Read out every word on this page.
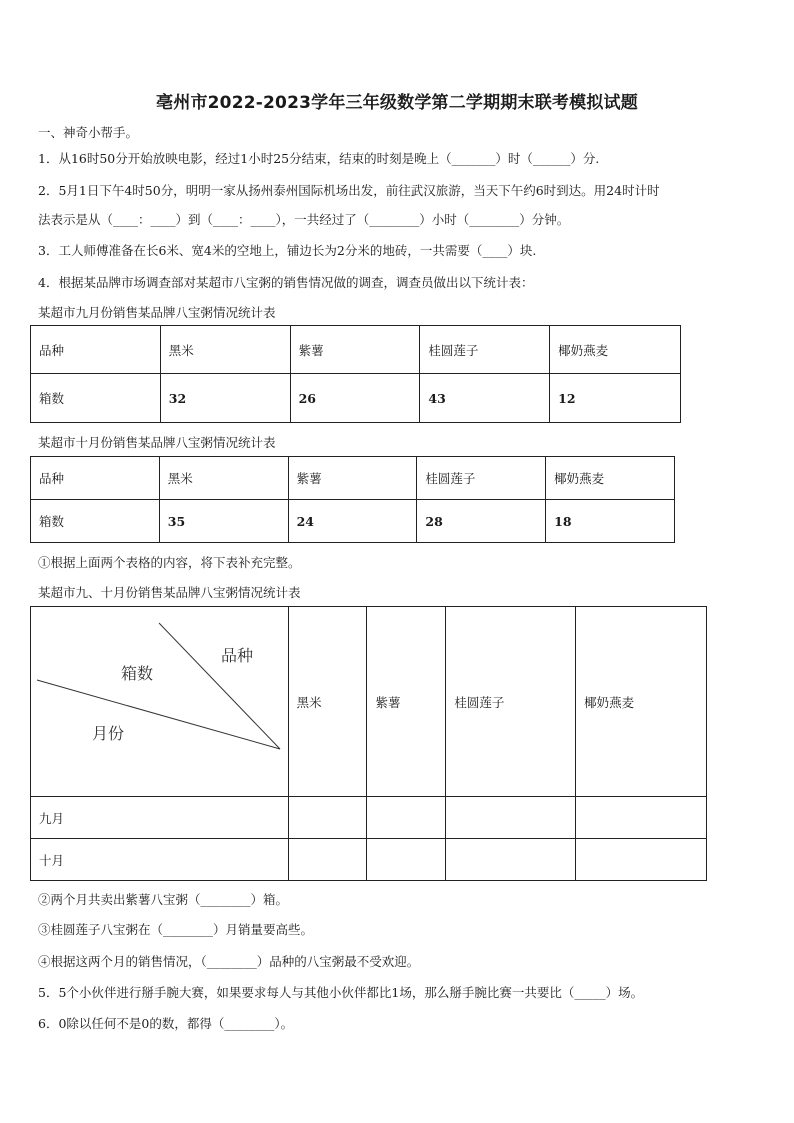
亳州市2022-2023学年三年级数学第二学期期末联考模拟试题
一、神奇小帮手。
1．从16时50分开始放映电影，经过1小时25分结束，结束的时刻是晚上（_______）时（______）分.
2．5月1日下午4时50分，明明一家从扬州泰州国际机场出发，前往武汉旅游，当天下午约6时到达。用24时计时
法表示是从（____：____）到（____：____），一共经过了（________）小时（________）分钟。
3．工人师傅准备在长6米、宽4米的空地上，铺边长为2分米的地砖，一共需要（____）块.
4．根据某品牌市场调查部对某超市八宝粥的销售情况做的调查，调查员做出以下统计表：
某超市九月份销售某品牌八宝粥情况统计表
品种	黑米	紫薯	桂圆莲子	椰奶燕麦
箱数	32	26	43	12
某超市十月份销售某品牌八宝粥情况统计表
品种	黑米	紫薯	桂圆莲子	椰奶燕麦
箱数	35	24	28	18
①根据上面两个表格的内容，将下表补充完整。
某超市九、十月份销售某品牌八宝粥情况统计表
品种
箱数
月份	黑米	紫薯	桂圆莲子	椰奶燕麦
九月				
十月				
②两个月共卖出紫薯八宝粥（________）箱。
③桂圆莲子八宝粥在（________）月销量要高些。
④根据这两个月的销售情况，（________）品种的八宝粥最不受欢迎。
5．5个小伙伴进行掰手腕大赛，如果要求每人与其他小伙伴都比1场，那么掰手腕比赛一共要比（_____）场。
6．0除以任何不是0的数，都得（________）。
